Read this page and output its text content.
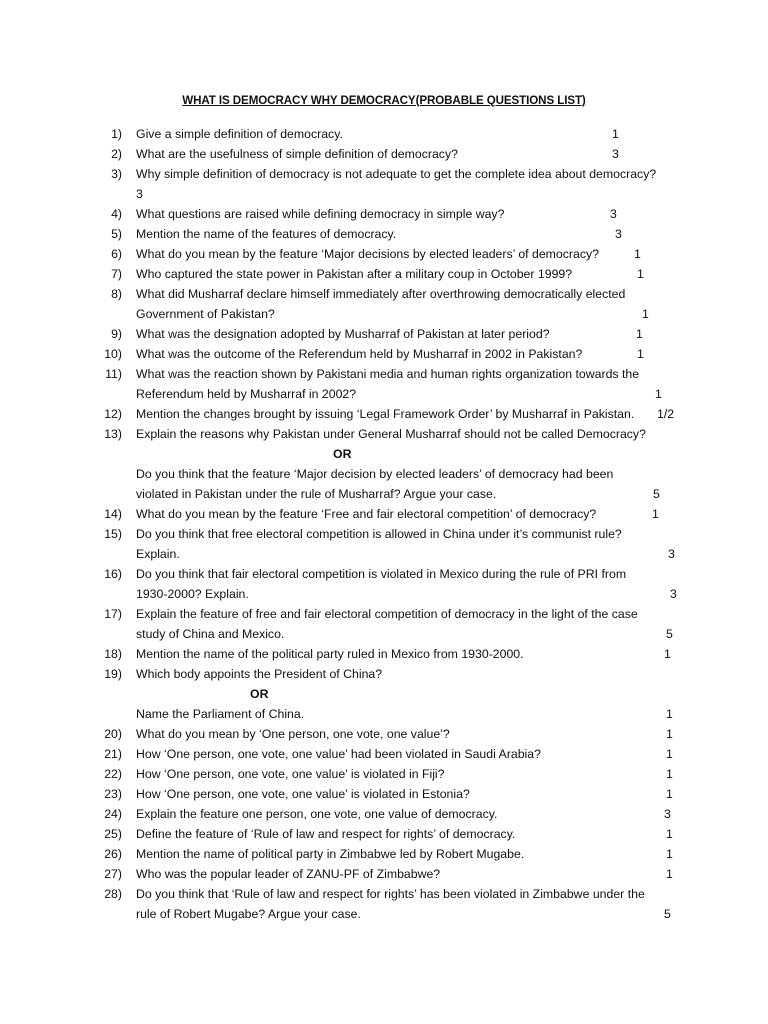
WHAT IS DEMOCRACY WHY DEMOCRACY(PROBABLE QUESTIONS LIST)
1) Give a simple definition of democracy.	1
2) What are the usefulness of simple definition of democracy?	3
3) Why simple definition of democracy is not adequate to get the complete idea about democracy?
3
4) What questions are raised while defining democracy in simple way?	3
5) Mention the name of the features of democracy.	3
6) What do you mean by the feature ‘Major decisions by elected leaders’ of democracy?	1
7) Who captured the state power in Pakistan after a military coup in October 1999?	1
8) What did Musharraf declare himself immediately after overthrowing democratically elected
Government of Pakistan?	1
9) What was the designation adopted by Musharraf of Pakistan at later period?	1
10) What was the outcome of the Referendum held by Musharraf in 2002 in Pakistan?	1
11) What was the reaction shown by Pakistani media and human rights organization towards the
Referendum held by Musharraf in 2002?	1
12) Mention the changes brought by issuing ‘Legal Framework Order’ by Musharraf in Pakistan. 1/2
13) Explain the reasons why Pakistan under General Musharraf should not be called Democracy?
OR
Do you think that the feature ‘Major decision by elected leaders’ of democracy had been
violated in Pakistan under the rule of Musharraf? Argue your case.	5
14) What do you mean by the feature ‘Free and fair electoral competition’ of democracy?	1
15) Do you think that free electoral competition is allowed in China under it’s communist rule?
Explain.	3
16) Do you think that fair electoral competition is violated in Mexico during the rule of PRI from
1930-2000? Explain.	3
17) Explain the feature of free and fair electoral competition of democracy in the light of the case
study of China and Mexico.	5
18) Mention the name of the political party ruled in Mexico from 1930-2000.	1
19) Which body appoints the President of China?
OR
Name the Parliament of China.	1
20) What do you mean by ‘One person, one vote, one value’?	1
21) How ‘One person, one vote, one value’ had been violated in Saudi Arabia?	1
22) How ‘One person, one vote, one value’ is violated in Fiji?	1
23) How ‘One person, one vote, one value’ is violated in Estonia?	1
24) Explain the feature one person, one vote, one value of democracy.	3
25) Define the feature of ‘Rule of law and respect for rights’ of democracy.	1
26) Mention the name of political party in Zimbabwe led by Robert Mugabe.	1
27) Who was the popular leader of ZANU-PF of Zimbabwe?	1
28) Do you think that ‘Rule of law and respect for rights’ has been violated in Zimbabwe under the
rule of Robert Mugabe? Argue your case.	5
